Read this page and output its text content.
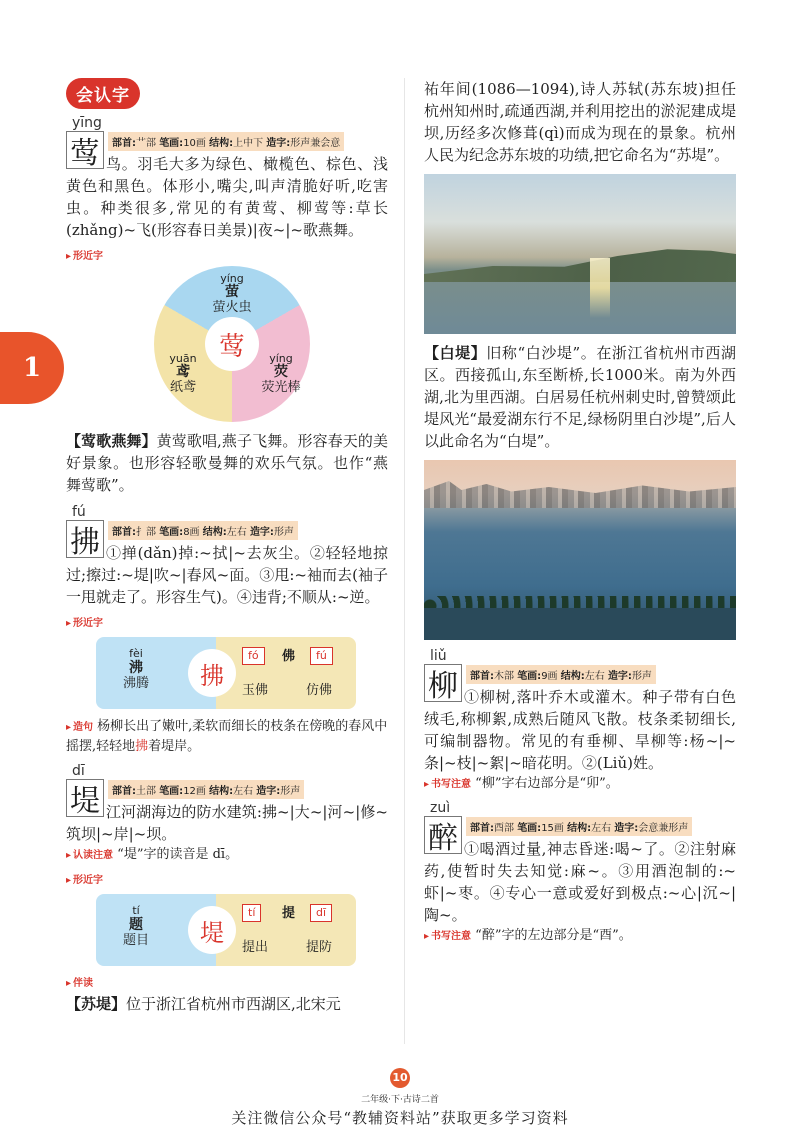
1
会认字
yīng
莺	部首:艹部 笔画:10画 结构:上中下 造字:形声兼会意
鸟。羽毛大多为绿色、橄榄色、棕色、浅黄色和黑色。体形小,嘴尖,叫声清脆好听,吃害虫。种类很多,常见的有黄莺、柳莺等:草长(zhǎng)~飞(形容春日美景)|夜~|~歌燕舞。
▸ 形近字
yíng
萤
萤火虫
yuān
鸢
纸鸢
yíng
荧
荧光棒
莺
【莺歌燕舞】黄莺歌唱,燕子飞舞。形容春天的美好景象。也形容轻歌曼舞的欢乐气氛。也作“燕舞莺歌”。
fú
拂	部首:扌部 笔画:8画 结构:左右 造字:形声
①掸(dǎn)掉:~拭|~去灰尘。②轻轻地掠过;擦过:~堤|吹~|春风~面。③甩:~袖而去(袖子一甩就走了。形容生气)。④违背;不顺从:~逆。
▸ 形近字
fèi
沸
沸腾	拂
fó	佛	fú
玉佛	仿佛
▸ 造句 杨柳长出了嫩叶,柔软而细长的枝条在傍晚的春风中摇摆,轻轻地拂着堤岸。
dī
堤	部首:土部 笔画:12画 结构:左右 造字:形声
江河湖海边的防水建筑:拂~|大~|河~|修~筑坝|~岸|~坝。
▸ 认读注意 “堤”字的读音是 dī。
▸ 形近字
tí
题
题目	堤
tí	提	dī
提出	提防
▸ 伴读
【苏堤】位于浙江省杭州市西湖区,北宋元
祐年间(1086—1094),诗人苏轼(苏东坡)担任杭州知州时,疏通西湖,并利用挖出的淤泥建成堤坝,历经多次修葺(qì)而成为现在的景象。杭州人民为纪念苏东坡的功绩,把它命名为“苏堤”。
【白堤】旧称“白沙堤”。在浙江省杭州市西湖区。西接孤山,东至断桥,长1000米。南为外西湖,北为里西湖。白居易任杭州刺史时,曾赞颂此堤风光“最爱湖东行不足,绿杨阴里白沙堤”,后人以此命名为“白堤”。
liǔ
柳	部首:木部 笔画:9画 结构:左右 造字:形声
①柳树,落叶乔木或灌木。种子带有白色绒毛,称柳絮,成熟后随风飞散。枝条柔韧细长,可编制器物。常见的有垂柳、旱柳等:杨~|~条|~枝|~絮|~暗花明。②(Liǔ)姓。
▸ 书写注意 “柳”字右边部分是“卯”。
zuì
醉	部首:酉部 笔画:15画 结构:左右 造字:会意兼形声
①喝酒过量,神志昏迷:喝~了。②注射麻药,使暂时失去知觉:麻~。③用酒泡制的:~虾|~枣。④专心一意或爱好到极点:~心|沉~|陶~。
▸ 书写注意 “醉”字的左边部分是“酉”。
10
二年级·下·古诗二首
关注微信公众号“教辅资料站”获取更多学习资料
